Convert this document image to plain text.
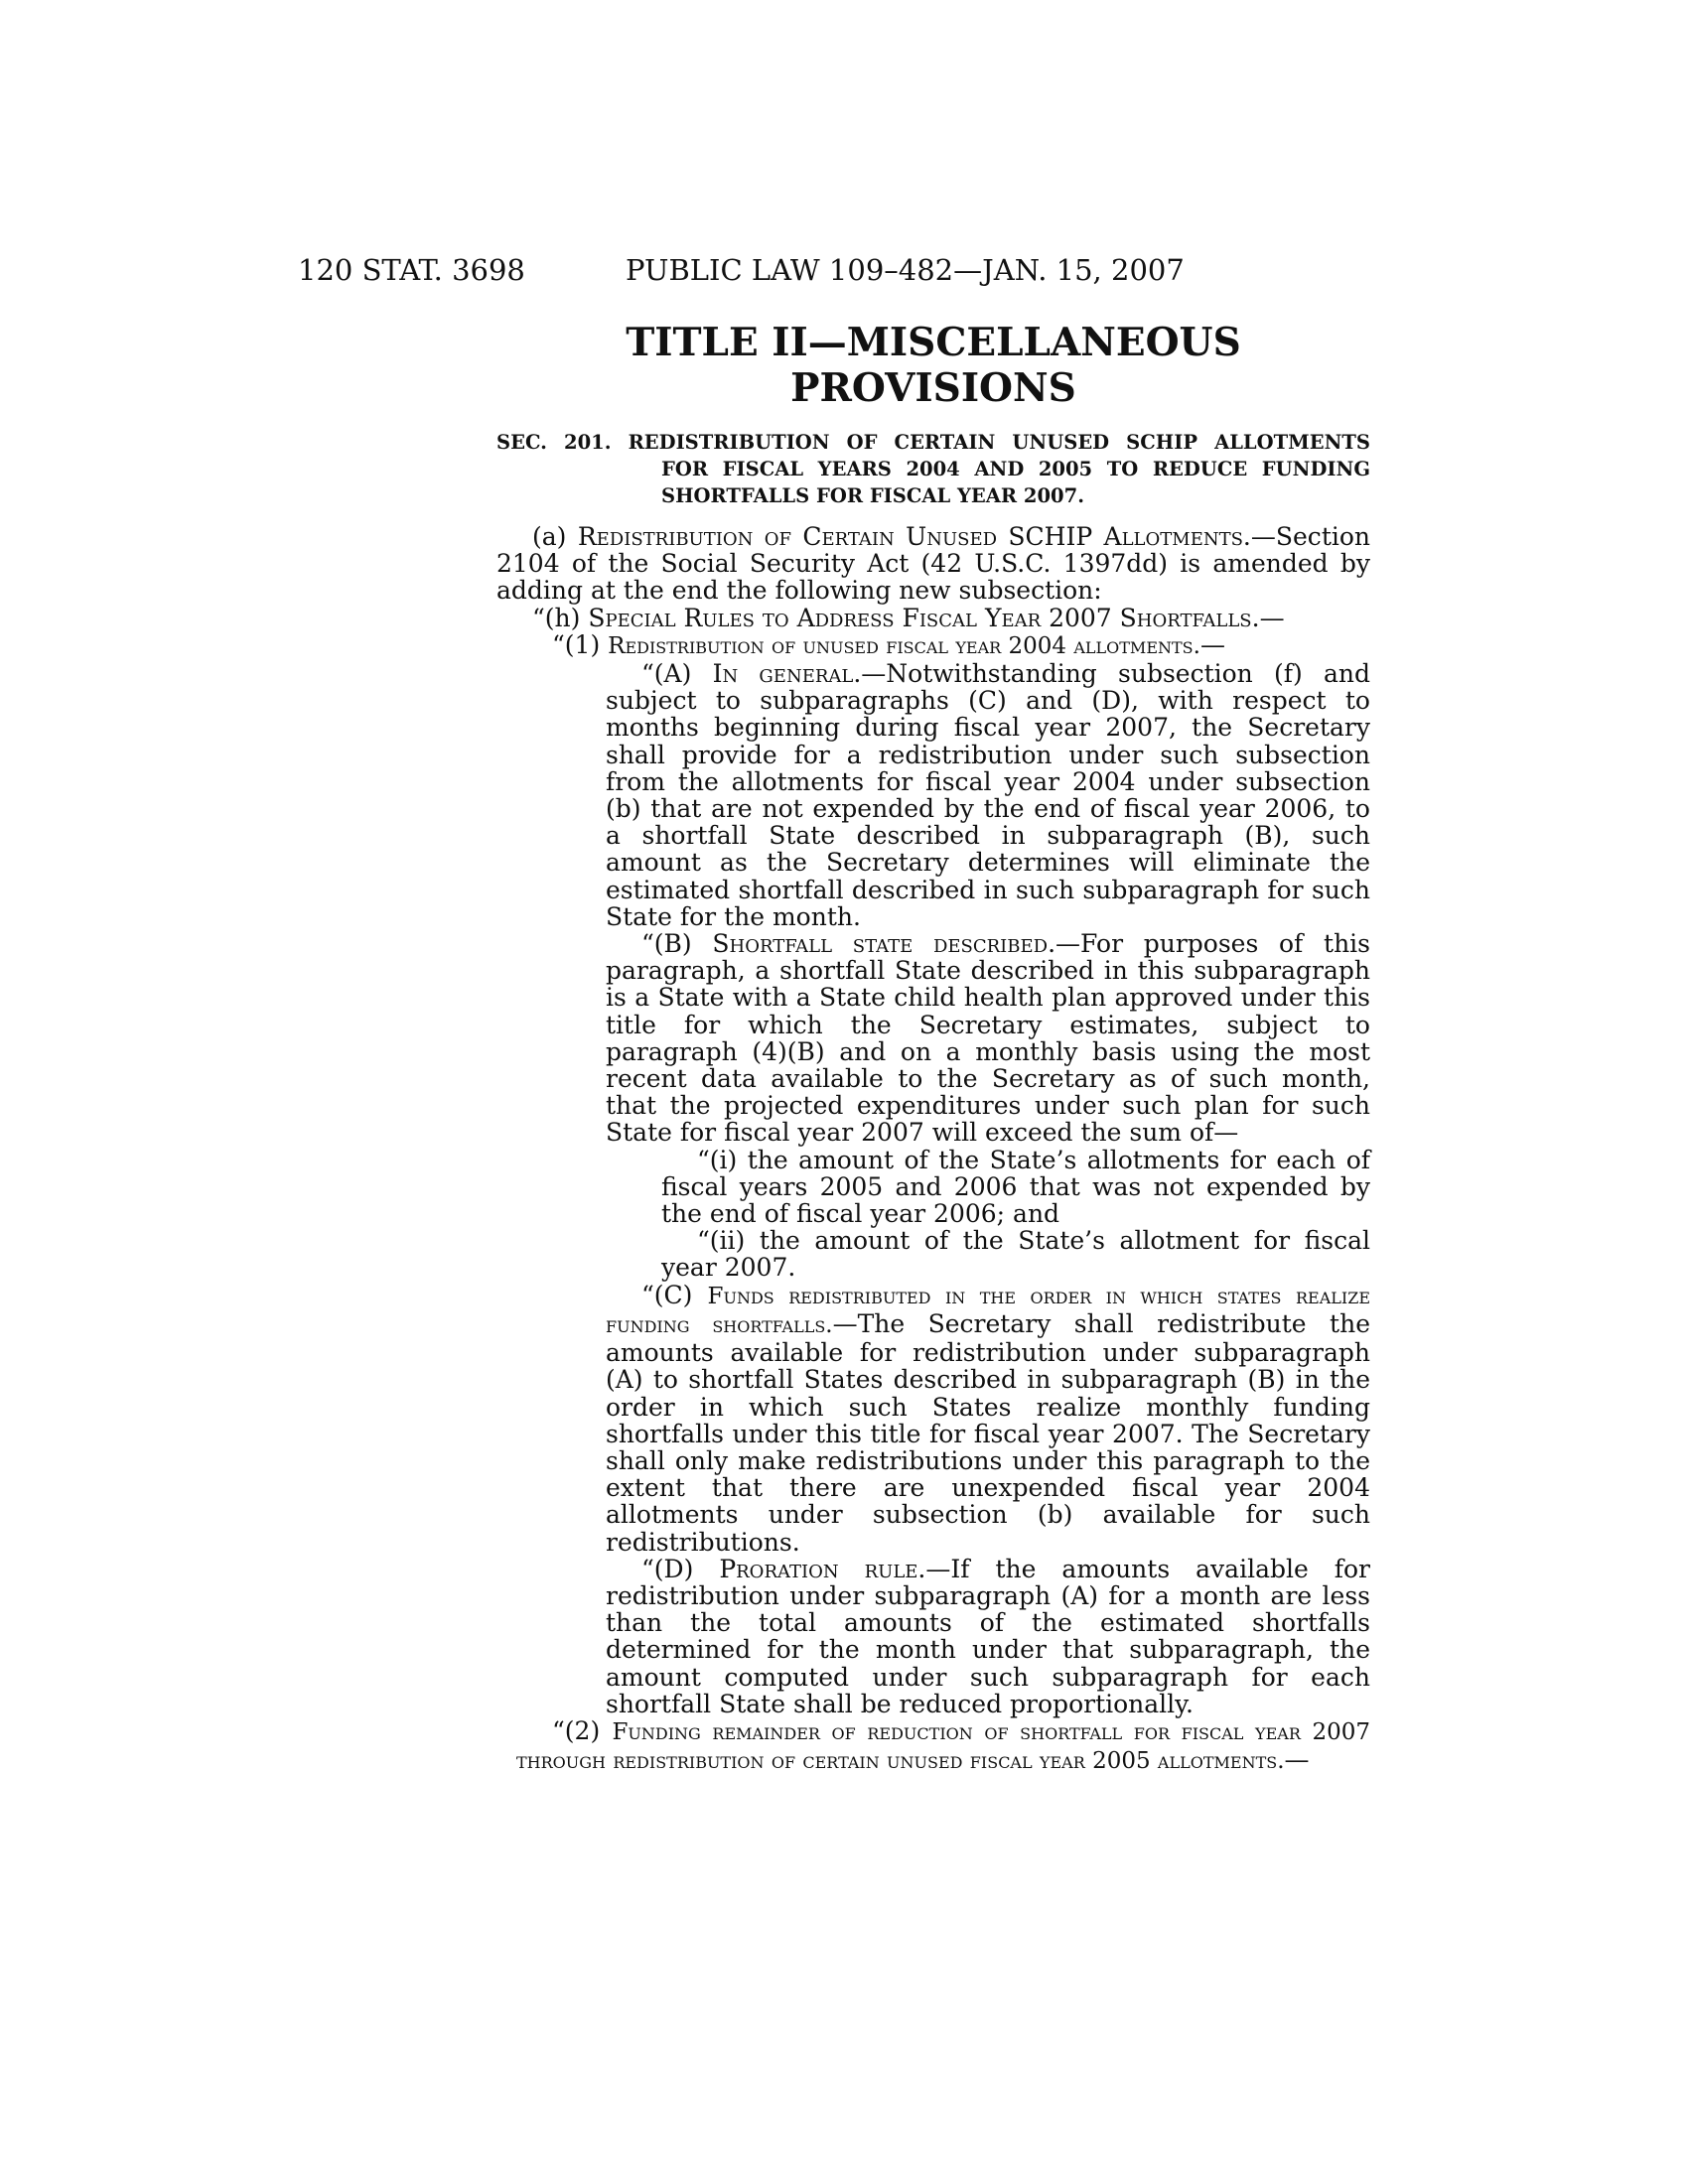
120 STAT. 3698	PUBLIC LAW 109–482—JAN. 15, 2007
TITLE II—MISCELLANEOUS
PROVISIONS
SEC. 201. REDISTRIBUTION OF CERTAIN UNUSED SCHIP ALLOTMENTS
FOR FISCAL YEARS 2004 AND 2005 TO REDUCE FUNDING
SHORTFALLS FOR FISCAL YEAR 2007.

(a) Redistribution of Certain Unused SCHIP Allotments.—Section 2104 of the Social Security Act (42 U.S.C. 1397dd) is amended by adding at the end the following new subsection:

“(h) Special Rules to Address Fiscal Year 2007 Shortfalls.—

“(1) Redistribution of unused fiscal year 2004 allotments.—

“(A) In general.—Notwithstanding subsection (f) and subject to subparagraphs (C) and (D), with respect to months beginning during fiscal year 2007, the Secretary shall provide for a redistribution under such subsection from the allotments for fiscal year 2004 under subsection (b) that are not expended by the end of fiscal year 2006, to a shortfall State described in subparagraph (B), such amount as the Secretary determines will eliminate the estimated shortfall described in such subparagraph for such State for the month.

“(B) Shortfall state described.—For purposes of this paragraph, a shortfall State described in this subparagraph is a State with a State child health plan approved under this title for which the Secretary estimates, subject to paragraph (4)(B) and on a monthly basis using the most recent data available to the Secretary as of such month, that the projected expenditures under such plan for such State for fiscal year 2007 will exceed the sum of—

“(i) the amount of the State’s allotments for each of fiscal years 2005 and 2006 that was not expended by the end of fiscal year 2006; and

“(ii) the amount of the State’s allotment for fiscal year 2007.

“(C) Funds redistributed in the order in which states realize funding shortfalls.—The Secretary shall redistribute the amounts available for redistribution under subparagraph (A) to shortfall States described in subparagraph (B) in the order in which such States realize monthly funding shortfalls under this title for fiscal year 2007. The Secretary shall only make redistributions under this paragraph to the extent that there are unexpended fiscal year 2004 allotments under subsection (b) available for such redistributions.

“(D) Proration rule.—If the amounts available for redistribution under subparagraph (A) for a month are less than the total amounts of the estimated shortfalls determined for the month under that subparagraph, the amount computed under such subparagraph for each shortfall State shall be reduced proportionally.

“(2) Funding remainder of reduction of shortfall for fiscal year 2007 through redistribution of certain unused fiscal year 2005 allotments.—
